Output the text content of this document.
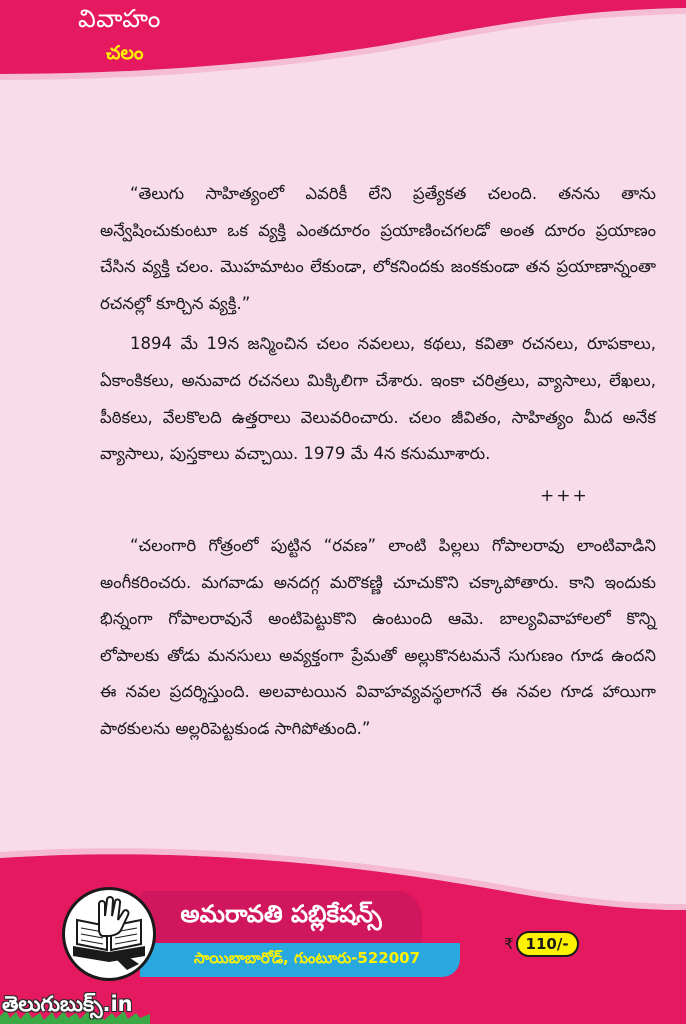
వివాహం
చలం

“తెలుగు సాహిత్యంలో ఎవరికీ లేని ప్రత్యేకత చలంది. తనను తాను అన్వేషించుకుంటూ ఒక వ్యక్తి ఎంతదూరం ప్రయాణించగలడో అంత దూరం ప్రయాణం చేసిన వ్యక్తి చలం. మొహమాటం లేకుండా, లోకనిందకు జంకకుండా తన ప్రయాణాన్నంతా రచనల్లో కూర్చిన వ్యక్తి.”

1894 మే 19న జన్మించిన చలం నవలలు, కథలు, కవితా రచనలు, రూపకాలు, ఏకాంకికలు, అనువాద రచనలు మిక్కిలిగా చేశారు. ఇంకా చరిత్రలు, వ్యాసాలు, లేఖలు, పీఠికలు, వేలకొలది ఉత్తరాలు వెలువరించారు. చలం జీవితం, సాహిత్యం మీద అనేక వ్యాసాలు, పుస్తకాలు వచ్చాయి. 1979 మే 4న కనుమూశారు.

+++

“చలంగారి గోత్రంలో పుట్టిన “రవణ” లాంటి పిల్లలు గోపాలరావు లాంటివాడిని అంగీకరించరు. మగవాడు అనదగ్గ మరొకణ్ణి చూచుకొని చక్కాపోతారు. కాని ఇందుకు భిన్నంగా గోపాలరావునే అంటిపెట్టుకొని ఉంటుంది ఆమె. బాల్యవివాహాలలో కొన్ని లోపాలకు తోడు మనసులు అవ్యక్తంగా ప్రేమతో అల్లుకొనటమనే సుగుణం గూడ ఉందని ఈ నవల ప్రదర్శిస్తుంది. అలవాటయిన వివాహవ్యవస్థలాగనే ఈ నవల గూడ హాయిగా పాఠకులను అల్లరిపెట్టకుండ సాగిపోతుంది.”

అమరావతి పబ్లికేషన్స్
సాయిబాబారోడ్, గుంటూరు-522007
₹ 110/-
తెలుగుబుక్స్.in
